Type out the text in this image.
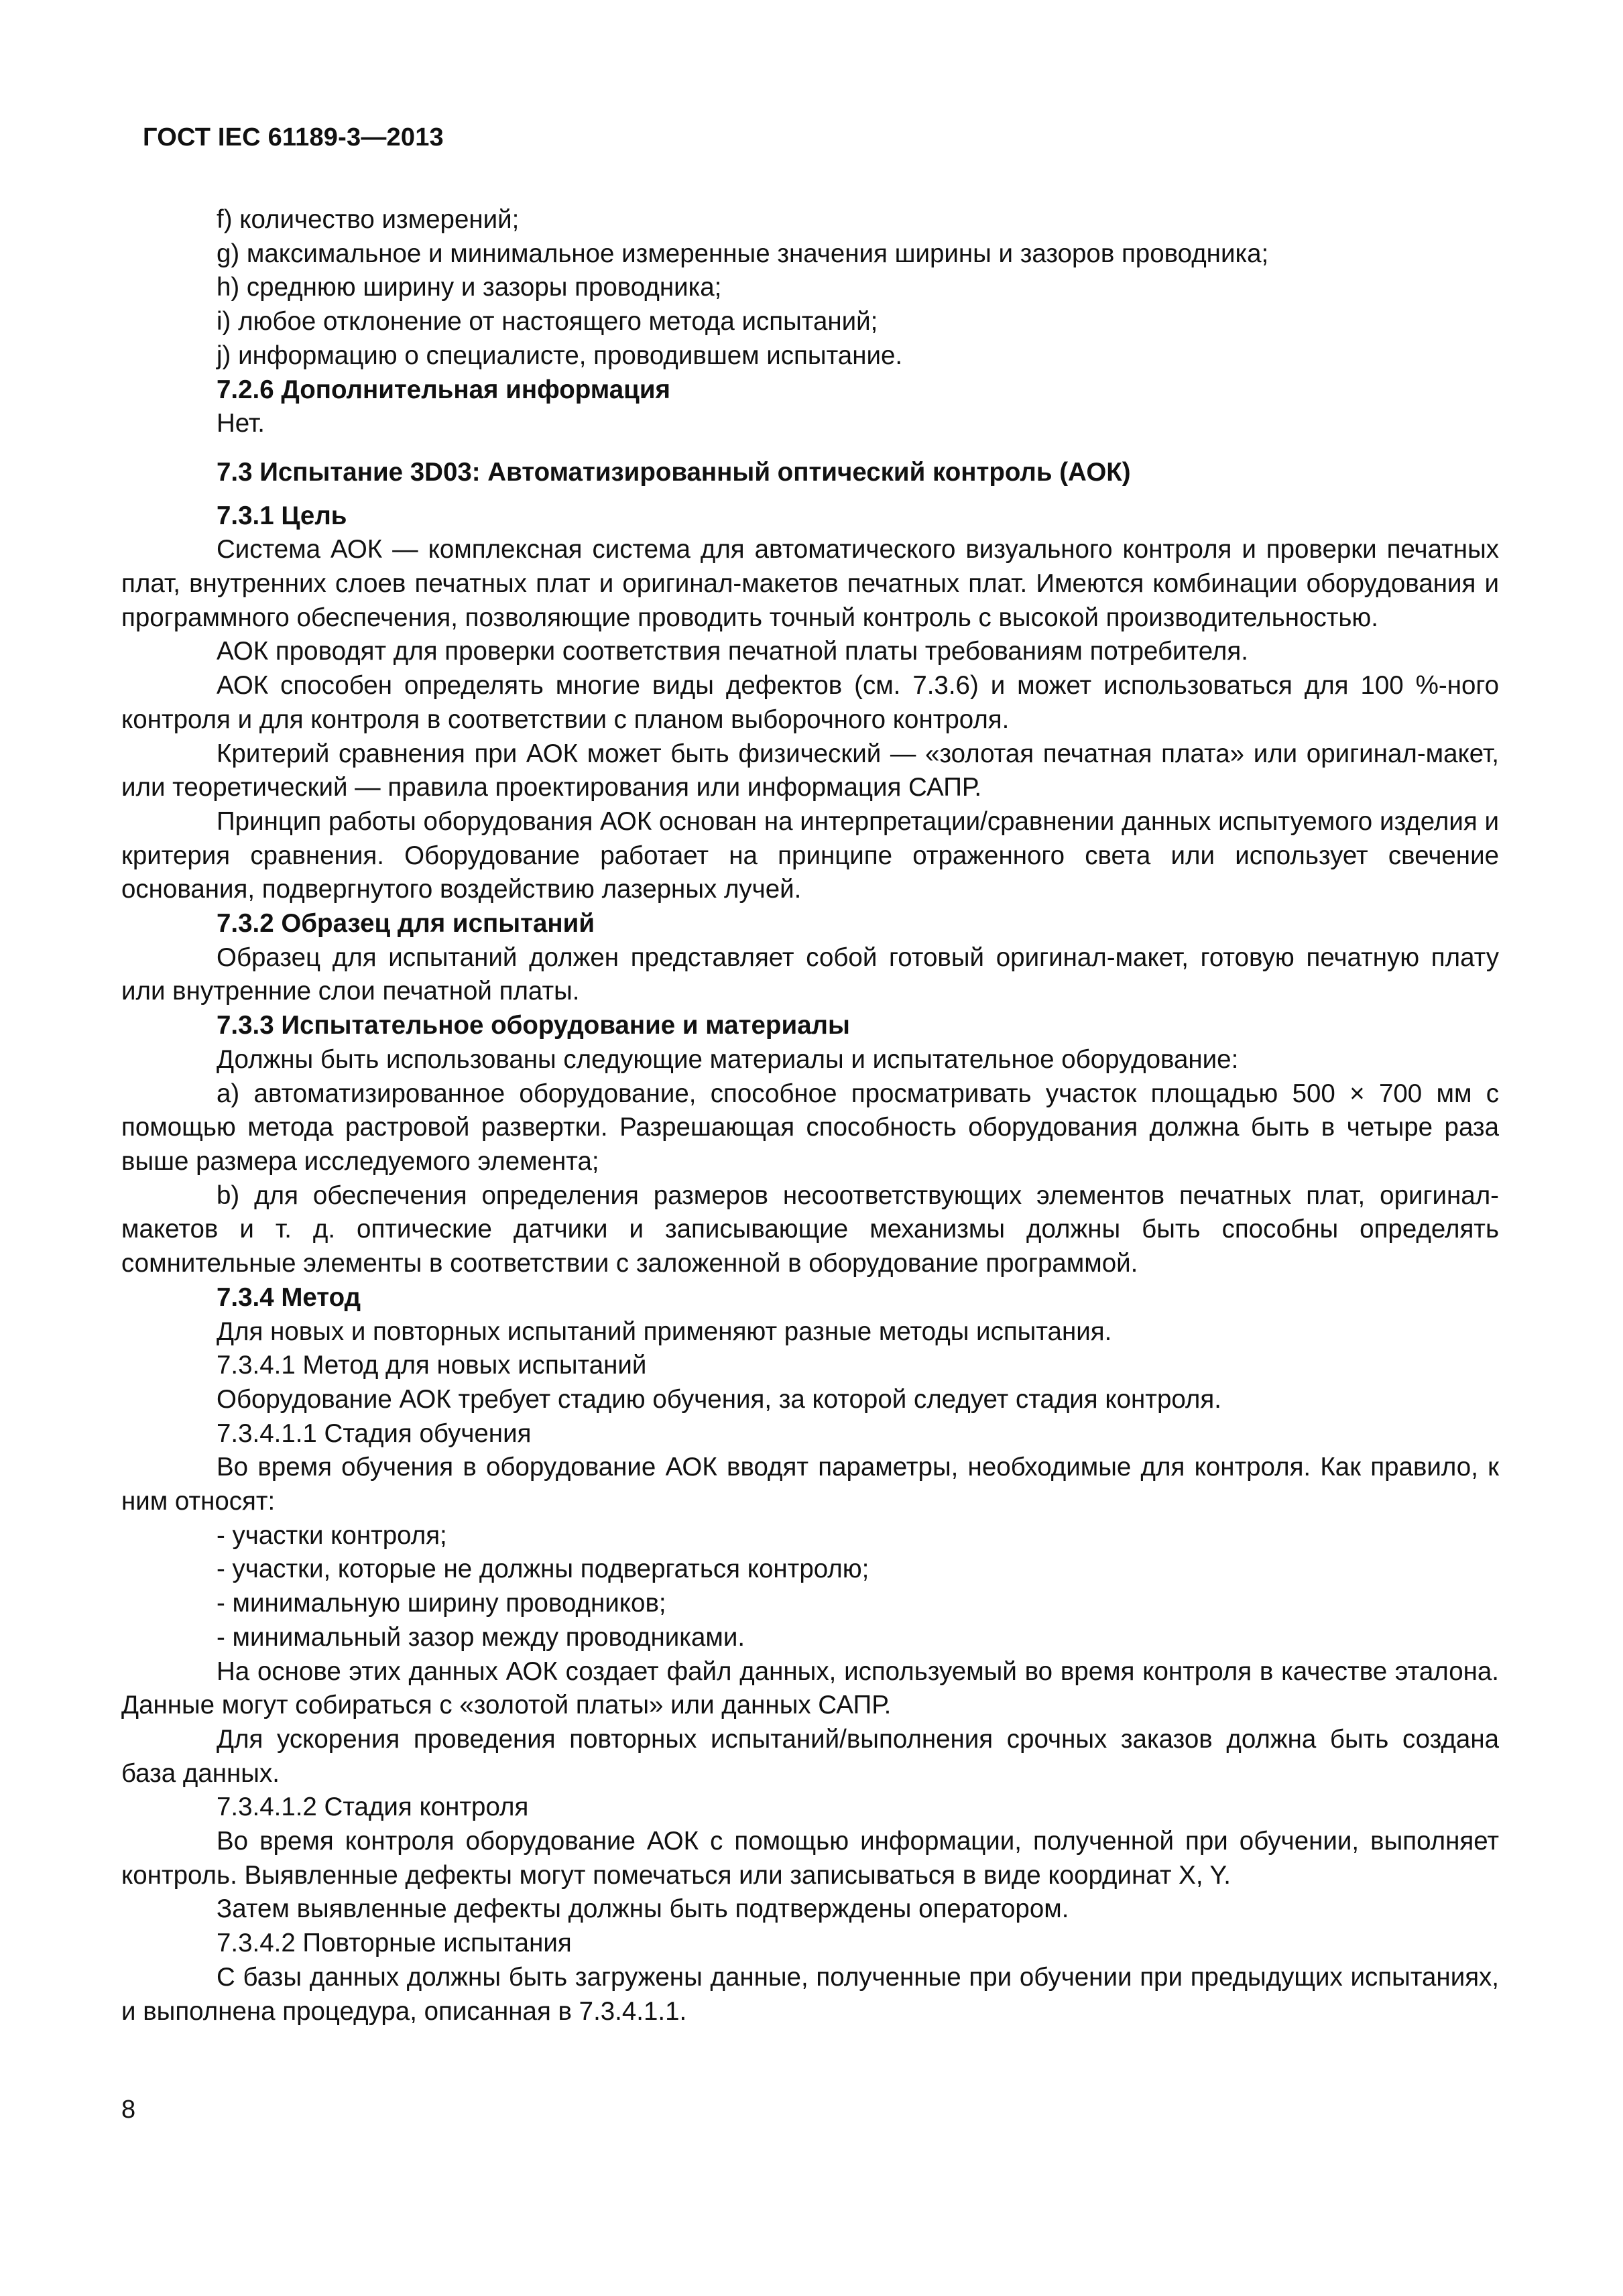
ГОСТ IEC 61189-3—2013

f) количество измерений;

g) максимальное и минимальное измеренные значения ширины и зазоров проводника;

h) среднюю ширину и зазоры проводника;

i) любое отклонение от настоящего метода испытаний;

j) информацию о специалисте, проводившем испытание.

7.2.6 Дополнительная информация

Нет.

7.3 Испытание 3D03: Автоматизированный оптический контроль (АОК)
7.3.1 Цель

Система АОК — комплексная система для автоматического визуального контроля и проверки печатных плат, внутренних слоев печатных плат и оригинал-макетов печатных плат. Имеются комбинации оборудования и программного обеспечения, позволяющие проводить точный контроль с высокой производительностью.

АОК проводят для проверки соответствия печатной платы требованиям потребителя.

АОК способен определять многие виды дефектов (см. 7.3.6) и может использоваться для 100 %-ного контроля и для контроля в соответствии с планом выборочного контроля.

Критерий сравнения при АОК может быть физический — «золотая печатная плата» или оригинал-макет, или теоретический — правила проектирования или информация САПР.

Принцип работы оборудования АОК основан на интерпретации/сравнении данных испытуемого изделия и критерия сравнения. Оборудование работает на принципе отраженного света или использует свечение основания, подвергнутого воздействию лазерных лучей.

7.3.2 Образец для испытаний

Образец для испытаний должен представляет собой готовый оригинал-макет, готовую печатную плату или внутренние слои печатной платы.

7.3.3 Испытательное оборудование и материалы

Должны быть использованы следующие материалы и испытательное оборудование:

a) автоматизированное оборудование, способное просматривать участок площадью 500 × 700 мм с помощью метода растровой развертки. Разрешающая способность оборудования должна быть в четыре раза выше размера исследуемого элемента;

b) для обеспечения определения размеров несоответствующих элементов печатных плат, оригинал-макетов и т. д. оптические датчики и записывающие механизмы должны быть способны определять сомнительные элементы в соответствии с заложенной в оборудование программой.

7.3.4 Метод

Для новых и повторных испытаний применяют разные методы испытания.

7.3.4.1 Метод для новых испытаний

Оборудование АОК требует стадию обучения, за которой следует стадия контроля.

7.3.4.1.1 Стадия обучения

Во время обучения в оборудование АОК вводят параметры, необходимые для контроля. Как правило, к ним относят:

- участки контроля;

- участки, которые не должны подвергаться контролю;

- минимальную ширину проводников;

- минимальный зазор между проводниками.

На основе этих данных АОК создает файл данных, используемый во время контроля в качестве эталона. Данные могут собираться с «золотой платы» или данных САПР.

Для ускорения проведения повторных испытаний/выполнения срочных заказов должна быть создана база данных.

7.3.4.1.2 Стадия контроля

Во время контроля оборудование АОК с помощью информации, полученной при обучении, выполняет контроль. Выявленные дефекты могут помечаться или записываться в виде координат X, Y.

Затем выявленные дефекты должны быть подтверждены оператором.

7.3.4.2 Повторные испытания

С базы данных должны быть загружены данные, полученные при обучении при предыдущих испытаниях, и выполнена процедура, описанная в 7.3.4.1.1.

8
